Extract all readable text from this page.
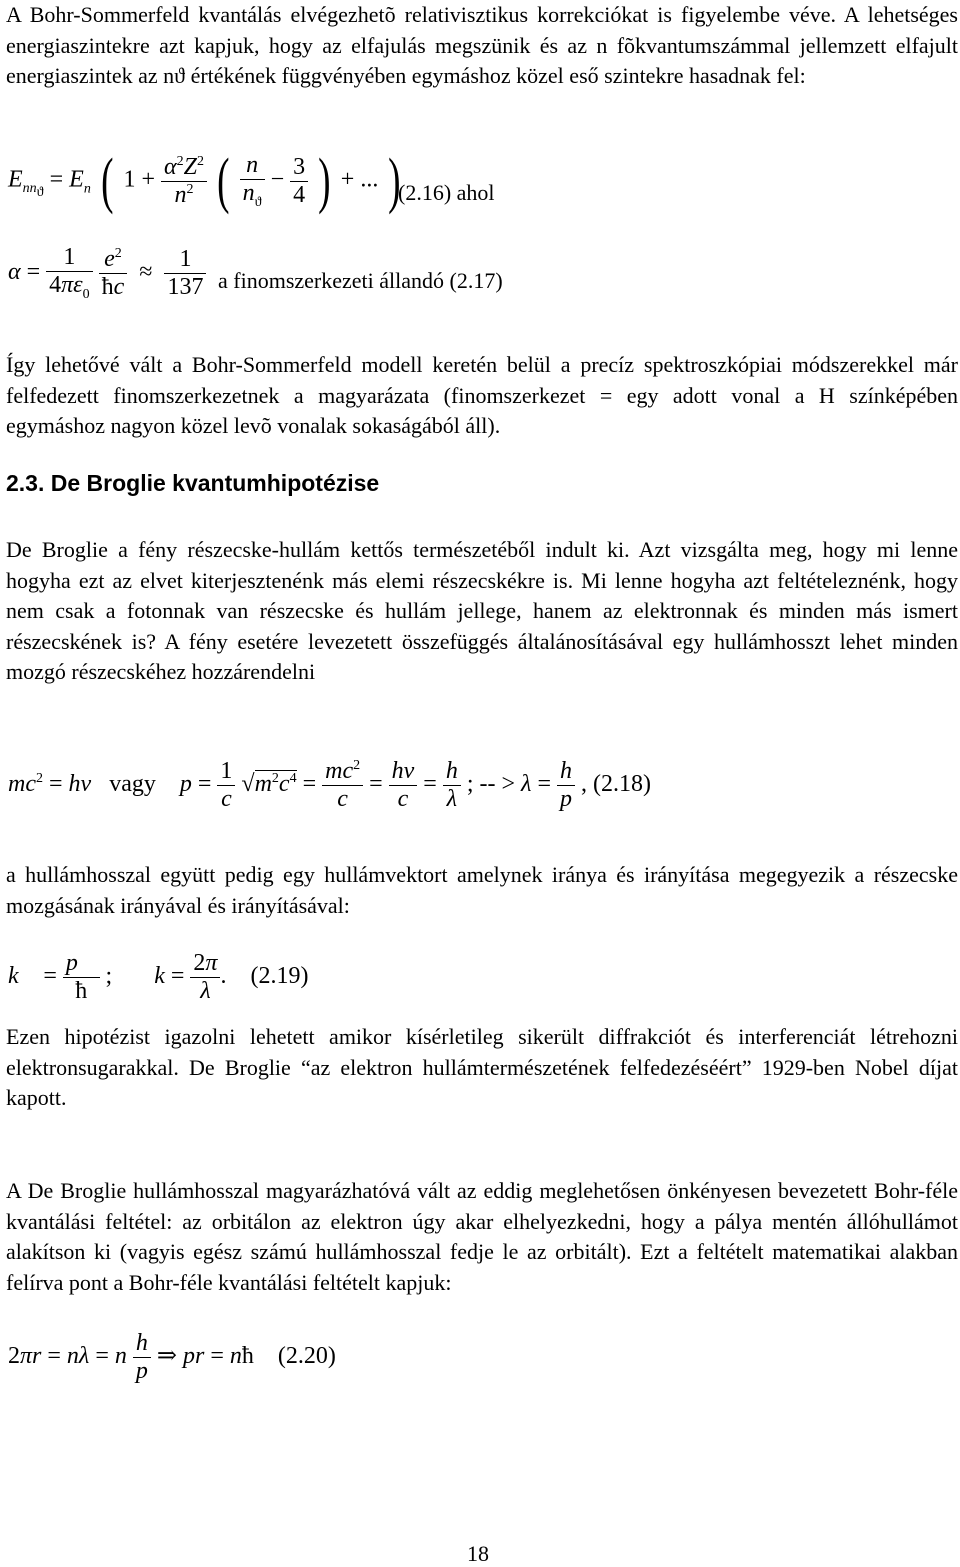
A Bohr-Sommerfeld kvantálás elvégezhetõ relativisztikus korrekciókat is figyelembe véve. A lehetséges energiaszintekre azt kapjuk, hogy az elfajulás megszünik és az n fõkvantumszámmal jellemzett elfajult energiaszintek az nϑ értékének függvényében egymáshoz közel eső szintekre hasadnak fel:
$E_{nn_ϑ} = E_n$ ( $1 + \frac{\alpha^2Z^2}{n^2}$ ( $\frac{n}{n_ϑ} - \frac{3}{4}$ ) + ... )
(2.16) ahol
$\alpha = \frac{1}{4\pi\varepsilon_0}$
$\frac{e^2}{ħc} \approx \frac{1}{137}$ a finomszerkezeti állandó (2.17)
Így lehetővé vált a Bohr-Sommerfeld modell keretén belül a precíz spektroszkópiai módszerekkel már felfedezett finomszerkezetnek a magyarázata (finomszerkezet = egy adott vonal a H színképében egymáshoz nagyon közel levõ vonalak sokaságából áll).
2.3. De Broglie kvantumhipotézise
De Broglie a fény részecske-hullám kettős természetéből indult ki. Azt vizsgálta meg, hogy mi lenne hogyha ezt az elvet kiterjesztenénk más elemi részecskékre is. Mi lenne hogyha azt feltételeznénk, hogy nem csak a fotonnak van részecske és hullám jellege, hanem az elektronnak és minden más ismert részecskének is? A fény esetére levezetett összefüggés általánosításával egy hullámhosszt lehet minden mozgó részecskéhez hozzárendelni
$mc^2 = h\nu$ vagy $p = \frac{1}{c} √m^2c^4 = \frac{mc^2}{c} = \frac{h\nu}{c} = \frac{h}{\lambda}$ ; -- > $\lambda = \frac{h}{p}$ , (2.18)
a hullámhosszal együtt pedig egy hullámvektort amelynek iránya és irányítása megegyezik a részecske mozgásának irányával és irányításával:
k⃗ = $\frac{p⃗}{ħ}$ ;       $k = \frac{2\pi}{\lambda}$ .    (2.19)
Ezen hipotézist igazolni lehetett amikor kísérletileg sikerült diffrakciót és interferenciát létrehozni elektronsugarakkal. De Broglie “az elektron hullámtermészetének felfedezéséért” 1929-ben Nobel díjat kapott.
A De Broglie hullámhosszal magyarázhatóvá vált az eddig meglehetősen önkényesen bevezetett Bohr-féle kvantálási feltétel: az orbitálon az elektron úgy akar elhelyezkedni, hogy a pálya mentén állóhullámot alakítson ki (vagyis egész számú hullámhosszal fedje le az orbitált). Ezt a feltételt matematikai alakban felírva pont a Bohr-féle kvantálási feltételt kapjuk:
2πr = nλ = n $\frac{h}{p}$ ⇒ pr = nħ    (2.20)
18
